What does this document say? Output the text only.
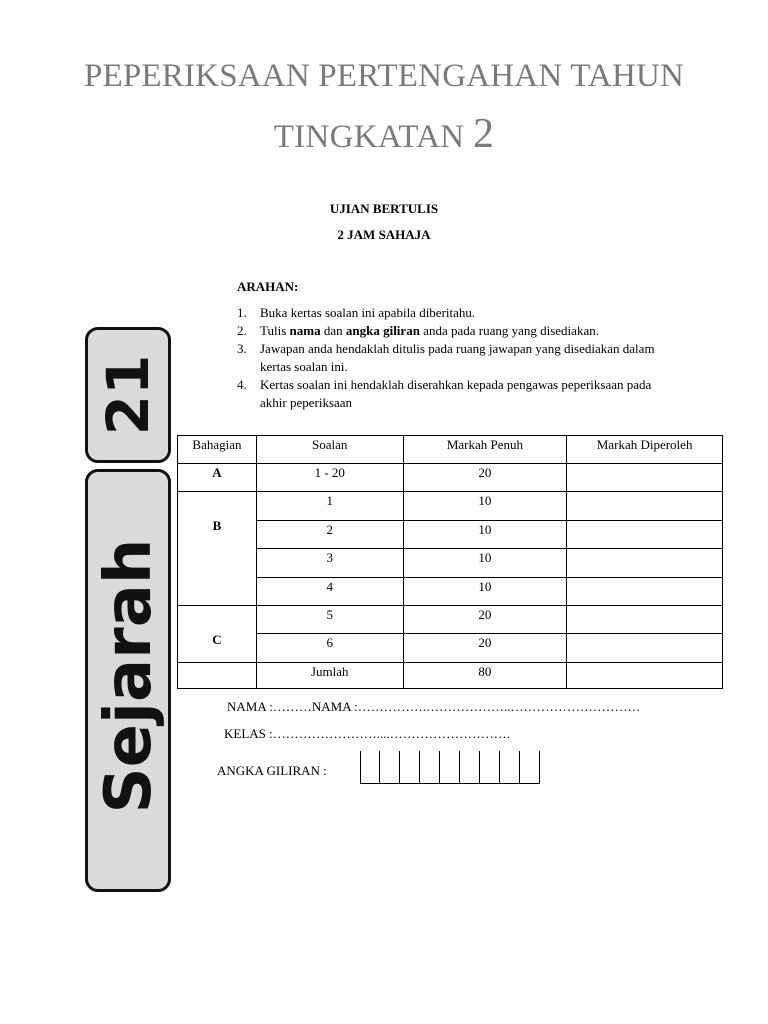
PEPERIKSAAN PERTENGAHAN TAHUN
TINGKATAN 2
UJIAN BERTULIS
2 JAM SAHAJA
ARAHAN:
1. Buka kertas soalan ini apabila diberitahu.
2. Tulis nama dan angka giliran anda pada ruang yang disediakan.
3. Jawapan anda hendaklah ditulis pada ruang jawapan yang disediakan dalam kertas soalan ini.
4. Kertas soalan ini hendaklah diserahkan kepada pengawas peperiksaan pada akhir peperiksaan
21
Sejarah
Bahagian	Soalan	Markah Penuh	Markah Diperoleh
A	1 - 20	20	
B	1	10	
	2	10	
	3	10	
	4	10	
C	5	20	
	6	20	
	Jumlah	80	
NAMA :………NAMA :…………….………………..…………………………
KELAS :……………………....……………………….
ANGKA GILIRAN :
